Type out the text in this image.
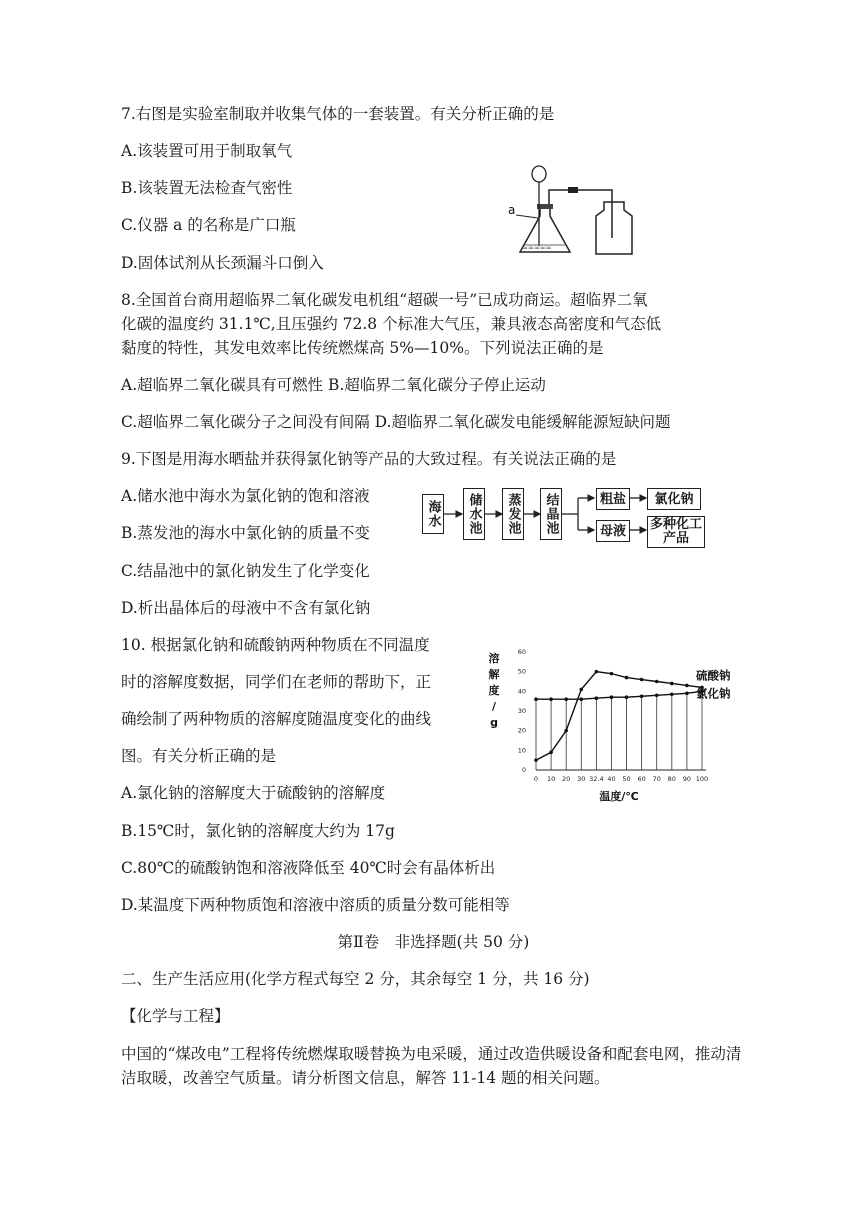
7.右图是实验室制取并收集气体的一套装置。有关分析正确的是
A.该装置可用于制取氧气
B.该装置无法检查气密性
C.仪器 a 的名称是广口瓶
D.固体试剂从长颈漏斗口倒入
≈≈≈≈≈
a
8.全国首台商用超临界二氧化碳发电机组“超碳一号”已成功商运。超临界二氧
化碳的温度约 31.1℃,且压强约 72.8 个标准大气压，兼具液态高密度和气态低
黏度的特性，其发电效率比传统燃煤高 5%—10%。下列说法正确的是
A.超临界二氧化碳具有可燃性 B.超临界二氧化碳分子停止运动
C.超临界二氧化碳分子之间没有间隔 D.超临界二氧化碳发电能缓解能源短缺问题
9.下图是用海水晒盐并获得氯化钠等产品的大致过程。有关说法正确的是
A.储水池中海水为氯化钠的饱和溶液
B.蒸发池的海水中氯化钠的质量不变
C.结晶池中的氯化钠发生了化学变化
D.析出晶体后的母液中不含有氯化钠
海水 储水池 蒸发池 结晶池	粗盐	氯化钠
母液	多种化工产品
10. 根据氯化钠和硫酸钠两种物质在不同温度
时的溶解度数据，同学们在老师的帮助下，正
确绘制了两种物质的溶解度随温度变化的曲线
图。有关分析正确的是
A.氯化钠的溶解度大于硫酸钠的溶解度
B.15℃时，氯化钠的溶解度大约为 17g
C.80℃的硫酸钠饱和溶液降低至 40℃时会有晶体析出
D.某温度下两种物质饱和溶液中溶质的质量分数可能相等
0 10 20 30 32.4 40 50 60 70 80 90 100
0
10
20
30
40
50
60
溶
解
度
/
g
温度/℃
硫酸钠
氯化钠
第Ⅱ卷　非选择题(共 50 分)
二、生产生活应用(化学方程式每空 2 分，其余每空 1 分，共 16 分)
【化学与工程】
中国的“煤改电”工程将传统燃煤取暖替换为电采暖，通过改造供暖设备和配套电网，推动清洁取暖，改善空气质量。请分析图文信息，解答 11-14 题的相关问题。
